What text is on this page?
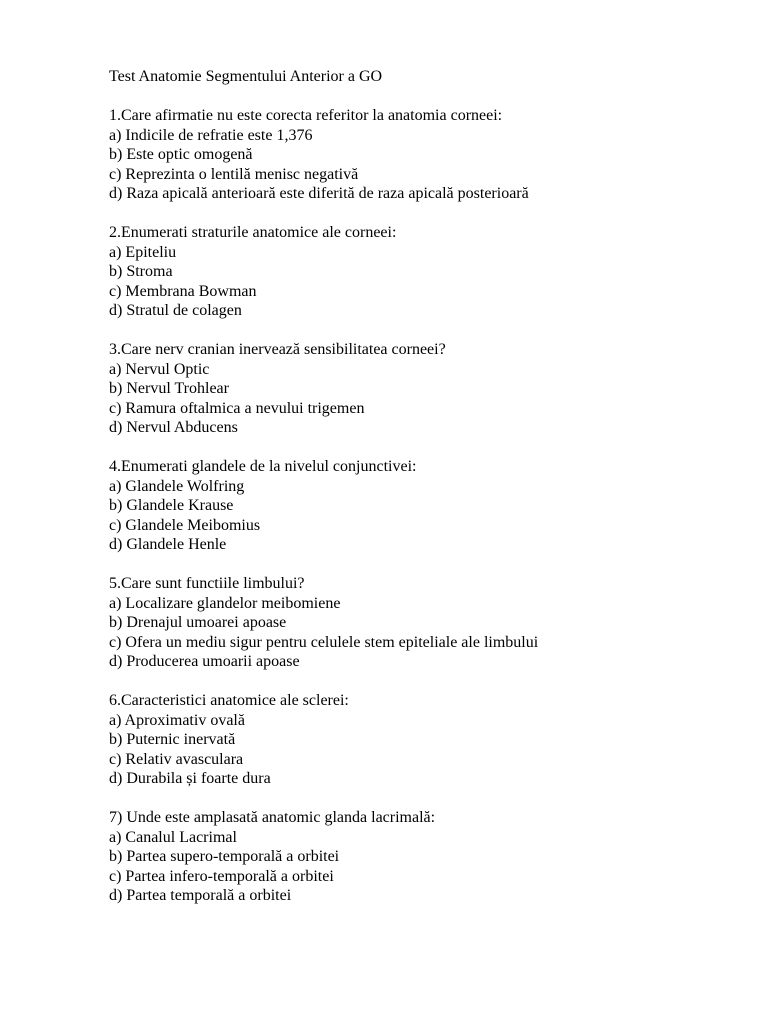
Test Anatomie Segmentului Anterior a GO

1.Care afirmatie nu este corecta referitor la anatomia corneei:

a) Indicile de refratie este 1,376

b) Este optic omogenă

c) Reprezinta o lentilă menisc negativă

d) Raza apicală anterioară este diferită de raza apicală posterioară

2.Enumerati straturile anatomice ale corneei:

a) Epiteliu

b) Stroma

c) Membrana Bowman

d) Stratul de colagen

3.Care nerv cranian inervează sensibilitatea corneei?

a) Nervul Optic

b) Nervul Trohlear

c) Ramura oftalmica a nevului trigemen

d) Nervul Abducens

4.Enumerati glandele de la nivelul conjunctivei:

a) Glandele Wolfring

b) Glandele Krause

c) Glandele Meibomius

d) Glandele Henle

5.Care sunt functiile limbului?

a) Localizare glandelor meibomiene

b) Drenajul umoarei apoase

c) Ofera un mediu sigur pentru celulele stem epiteliale ale limbului

d) Producerea umoarii apoase

6.Caracteristici anatomice ale sclerei:

a) Aproximativ ovală

b) Puternic inervată

c) Relativ avasculara

d) Durabila și foarte dura

7) Unde este amplasată anatomic glanda lacrimală:

a) Canalul Lacrimal

b) Partea supero-temporală a orbitei

c) Partea infero-temporală a orbitei

d) Partea temporală a orbitei
